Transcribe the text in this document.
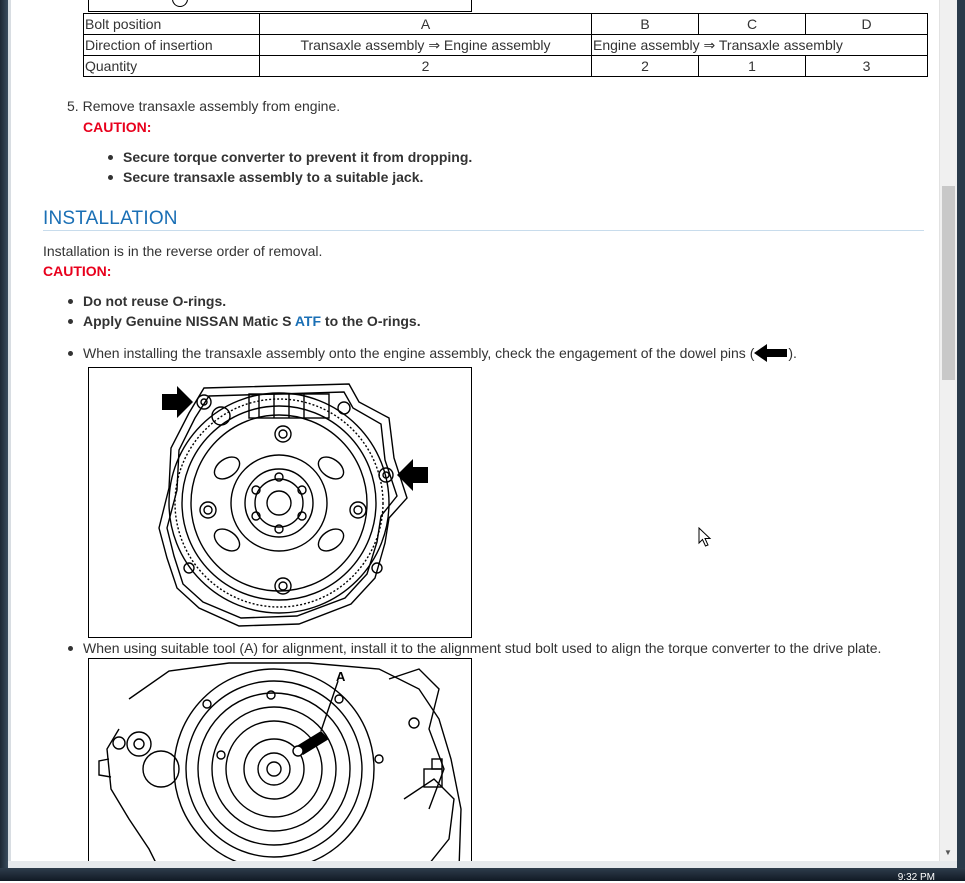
Bolt position	A	B	C	D
Direction of insertion	Transaxle assembly ⇒ Engine assembly	Engine assembly ⇒ Transaxle assembly		
Quantity	2	2	1	3
5. Remove transaxle assembly from engine.
CAUTION:
Secure torque converter to prevent it from dropping.
Secure transaxle assembly to a suitable jack.
INSTALLATION
Installation is in the reverse order of removal.
CAUTION:
Do not reuse O-rings.
Apply Genuine NISSAN Matic S ATF to the O-rings.
When installing the transaxle assembly onto the engine assembly, check the engagement of the dowel pins ( ).
When using suitable tool (A) for alignment, install it to the alignment stud bolt used to align the torque converter to the drive plate.
A
▼
9:32 PM
